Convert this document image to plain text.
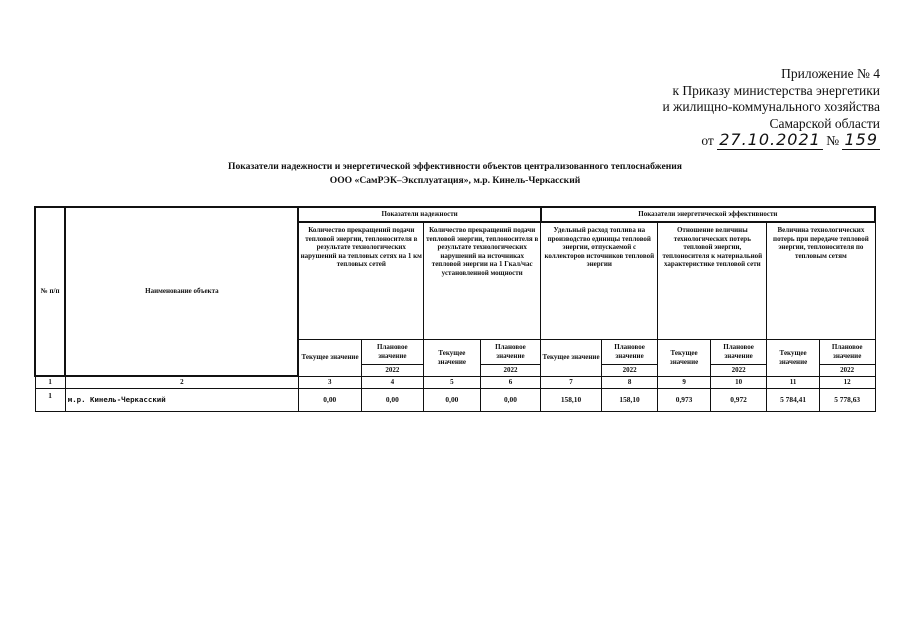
Приложение № 4
к Приказу министерства энергетики
и жилищно-коммунального хозяйства
Самарской области
от 27.10.2021 № 159
Показатели надежности и энергетической эффективности объектов централизованного теплоснабжения
ООО «СамРЭК–Эксплуатация», м.р. Кинель-Черкасский
№ п/п	Наименование объекта	Показатели надежности				Показатели энергетической эффективности					
		Количество прекращений подачи тепловой энергии, теплоносителя в результате технологических нарушений на тепловых сетях на 1 км тепловых сетей		Количество прекращений подачи тепловой энергии, теплоносителя в результате технологических нарушений на источниках тепловой энергии на 1 Гкал/час установленной мощности		Удельный расход топлива на производство единицы тепловой энергии, отпускаемой с коллекторов источников тепловой энергии		Отношение величины технологических потерь тепловой энергии, теплоносителя к материальной характеристике тепловой сети		Величина технологических потерь при передаче тепловой энергии, теплоносителя по тепловым сетям	
		Текущее значение	Плановое значение	Текущее значение	Плановое значение	Текущее значение	Плановое значение	Текущее значение	Плановое значение	Текущее значение	Плановое значение
			2022		2022		2022		2022		2022
1	2	3	4	5	6	7	8	9	10	11	12
1	м.р. Кинель-Черкасский	0,00	0,00	0,00	0,00	158,10	158,10	0,973	0,972	5 784,41	5 778,63
